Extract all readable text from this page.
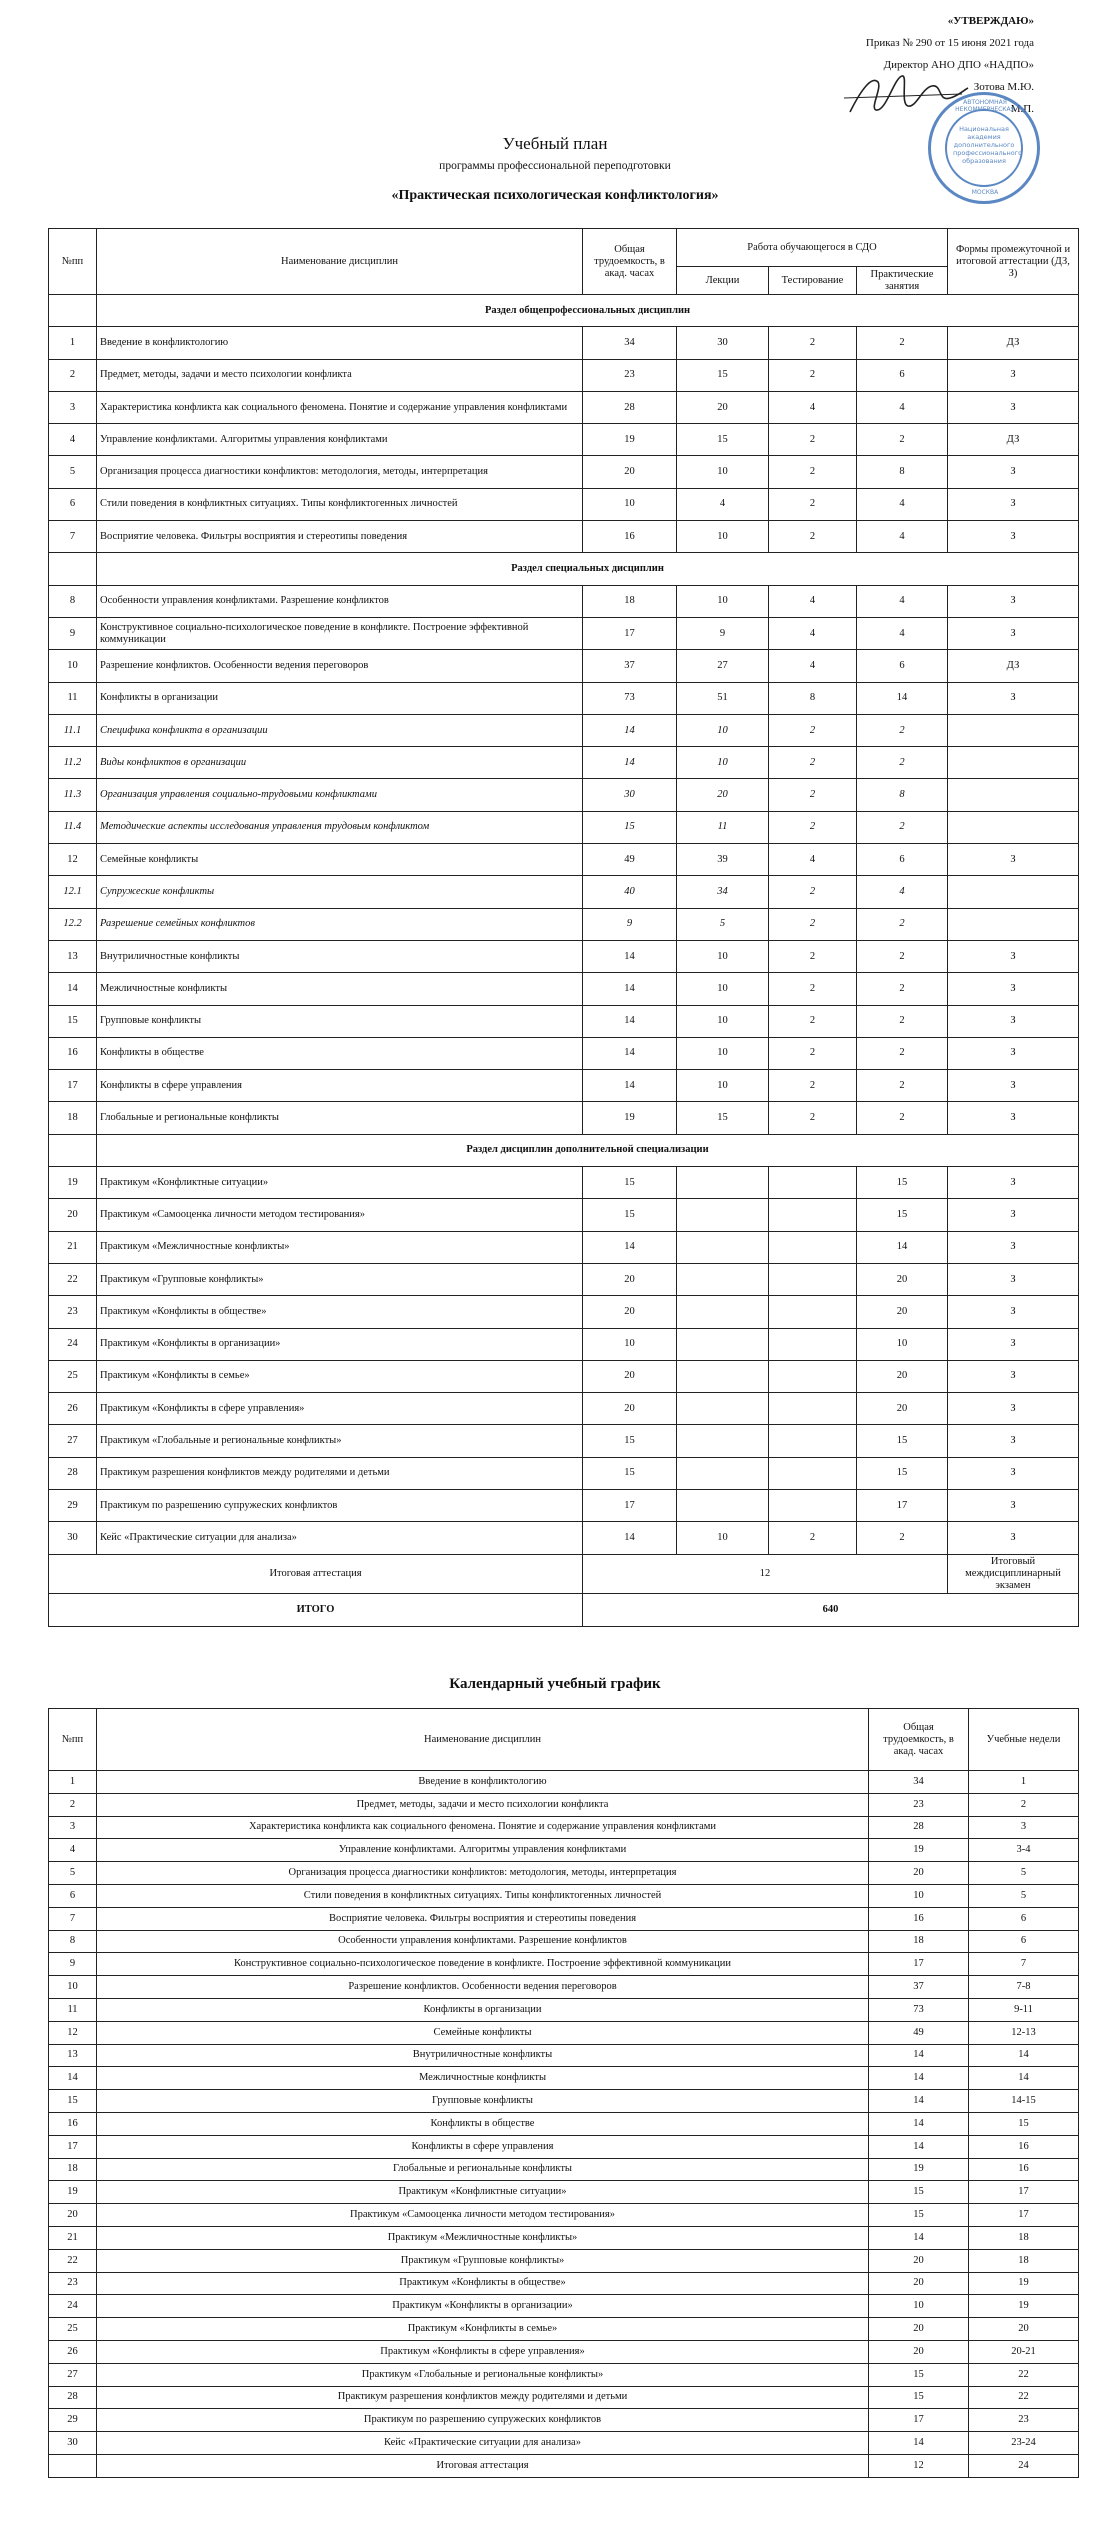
«УТВЕРЖДАЮ»
Приказ № 290 от 15 июня 2021 года
Директор АНО ДПО «НАДПО»
Зотова М.Ю.
М.П.
АВТОНОМНАЯ НЕКОММЕРЧЕСКАЯ
Национальная академия дополнительного профессионального образования
МОСКВА
Учебный план
программы профессиональной переподготовки
«Практическая психологическая конфликтология»
№пп	Наименование дисциплин	Общая трудоемкость, в акад. часах	Работа обучающегося в СДО			Формы промежуточной и итоговой аттестации (ДЗ, З)
			Лекции	Тестирование	Практические занятия	
	Раздел общепрофессиональных дисциплин					
1	Введение в конфликтологию	34	30	2	2	ДЗ
2	Предмет, методы, задачи и место психологии конфликта	23	15	2	6	З
3	Характеристика конфликта как социального феномена. Понятие и содержание управления конфликтами	28	20	4	4	З
4	Управление конфликтами. Алгоритмы управления конфликтами	19	15	2	2	ДЗ
5	Организация процесса диагностики конфликтов: методология, методы, интерпретация	20	10	2	8	З
6	Стили поведения в конфликтных ситуациях. Типы конфликтогенных личностей	10	4	2	4	З
7	Восприятие человека. Фильтры восприятия и стереотипы поведения	16	10	2	4	З
	Раздел специальных дисциплин					
8	Особенности управления конфликтами. Разрешение конфликтов	18	10	4	4	З
9	Конструктивное социально-психологическое поведение в конфликте. Построение эффективной коммуникации	17	9	4	4	З
10	Разрешение конфликтов. Особенности ведения переговоров	37	27	4	6	ДЗ
11	Конфликты в организации	73	51	8	14	З
11.1	Специфика конфликта в организации	14	10	2	2	
11.2	Виды конфликтов в организации	14	10	2	2	
11.3	Организация управления социально-трудовыми конфликтами	30	20	2	8	
11.4	Методические аспекты исследования управления трудовым конфликтом	15	11	2	2	
12	Семейные конфликты	49	39	4	6	З
12.1	Супружеские конфликты	40	34	2	4	
12.2	Разрешение семейных конфликтов	9	5	2	2	
13	Внутриличностные конфликты	14	10	2	2	З
14	Межличностные конфликты	14	10	2	2	З
15	Групповые конфликты	14	10	2	2	З
16	Конфликты в обществе	14	10	2	2	З
17	Конфликты в сфере управления	14	10	2	2	З
18	Глобальные и региональные конфликты	19	15	2	2	З
	Раздел дисциплин дополнительной специализации					
19	Практикум «Конфликтные ситуации»	15			15	З
20	Практикум «Самооценка личности методом тестирования»	15			15	З
21	Практикум «Межличностные конфликты»	14			14	З
22	Практикум «Групповые конфликты»	20			20	З
23	Практикум «Конфликты в обществе»	20			20	З
24	Практикум «Конфликты в организации»	10			10	З
25	Практикум «Конфликты в семье»	20			20	З
26	Практикум «Конфликты в сфере управления»	20			20	З
27	Практикум «Глобальные и региональные конфликты»	15			15	З
28	Практикум разрешения конфликтов между родителями и детьми	15			15	З
29	Практикум по разрешению супружеских конфликтов	17			17	З
30	Кейс «Практические ситуации для анализа»	14	10	2	2	З
Итоговая аттестация		12				Итоговый междисциплинарный экзамен
ИТОГО		640				
Календарный учебный график
№пп	Наименование дисциплин	Общая трудоемкость, в акад. часах	Учебные недели
1	Введение в конфликтологию	34	1
2	Предмет, методы, задачи и место психологии конфликта	23	2
3	Характеристика конфликта как социального феномена. Понятие и содержание управления конфликтами	28	3
4	Управление конфликтами. Алгоритмы управления конфликтами	19	3-4
5	Организация процесса диагностики конфликтов: методология, методы, интерпретация	20	5
6	Стили поведения в конфликтных ситуациях. Типы конфликтогенных личностей	10	5
7	Восприятие человека. Фильтры восприятия и стереотипы поведения	16	6
8	Особенности управления конфликтами. Разрешение конфликтов	18	6
9	Конструктивное социально-психологическое поведение в конфликте. Построение эффективной коммуникации	17	7
10	Разрешение конфликтов. Особенности ведения переговоров	37	7-8
11	Конфликты в организации	73	9-11
12	Семейные конфликты	49	12-13
13	Внутриличностные конфликты	14	14
14	Межличностные конфликты	14	14
15	Групповые конфликты	14	14-15
16	Конфликты в обществе	14	15
17	Конфликты в сфере управления	14	16
18	Глобальные и региональные конфликты	19	16
19	Практикум «Конфликтные ситуации»	15	17
20	Практикум «Самооценка личности методом тестирования»	15	17
21	Практикум «Межличностные конфликты»	14	18
22	Практикум «Групповые конфликты»	20	18
23	Практикум «Конфликты в обществе»	20	19
24	Практикум «Конфликты в организации»	10	19
25	Практикум «Конфликты в семье»	20	20
26	Практикум «Конфликты в сфере управления»	20	20-21
27	Практикум «Глобальные и региональные конфликты»	15	22
28	Практикум разрешения конфликтов между родителями и детьми	15	22
29	Практикум по разрешению супружеских конфликтов	17	23
30	Кейс «Практические ситуации для анализа»	14	23-24
	Итоговая аттестация	12	24
